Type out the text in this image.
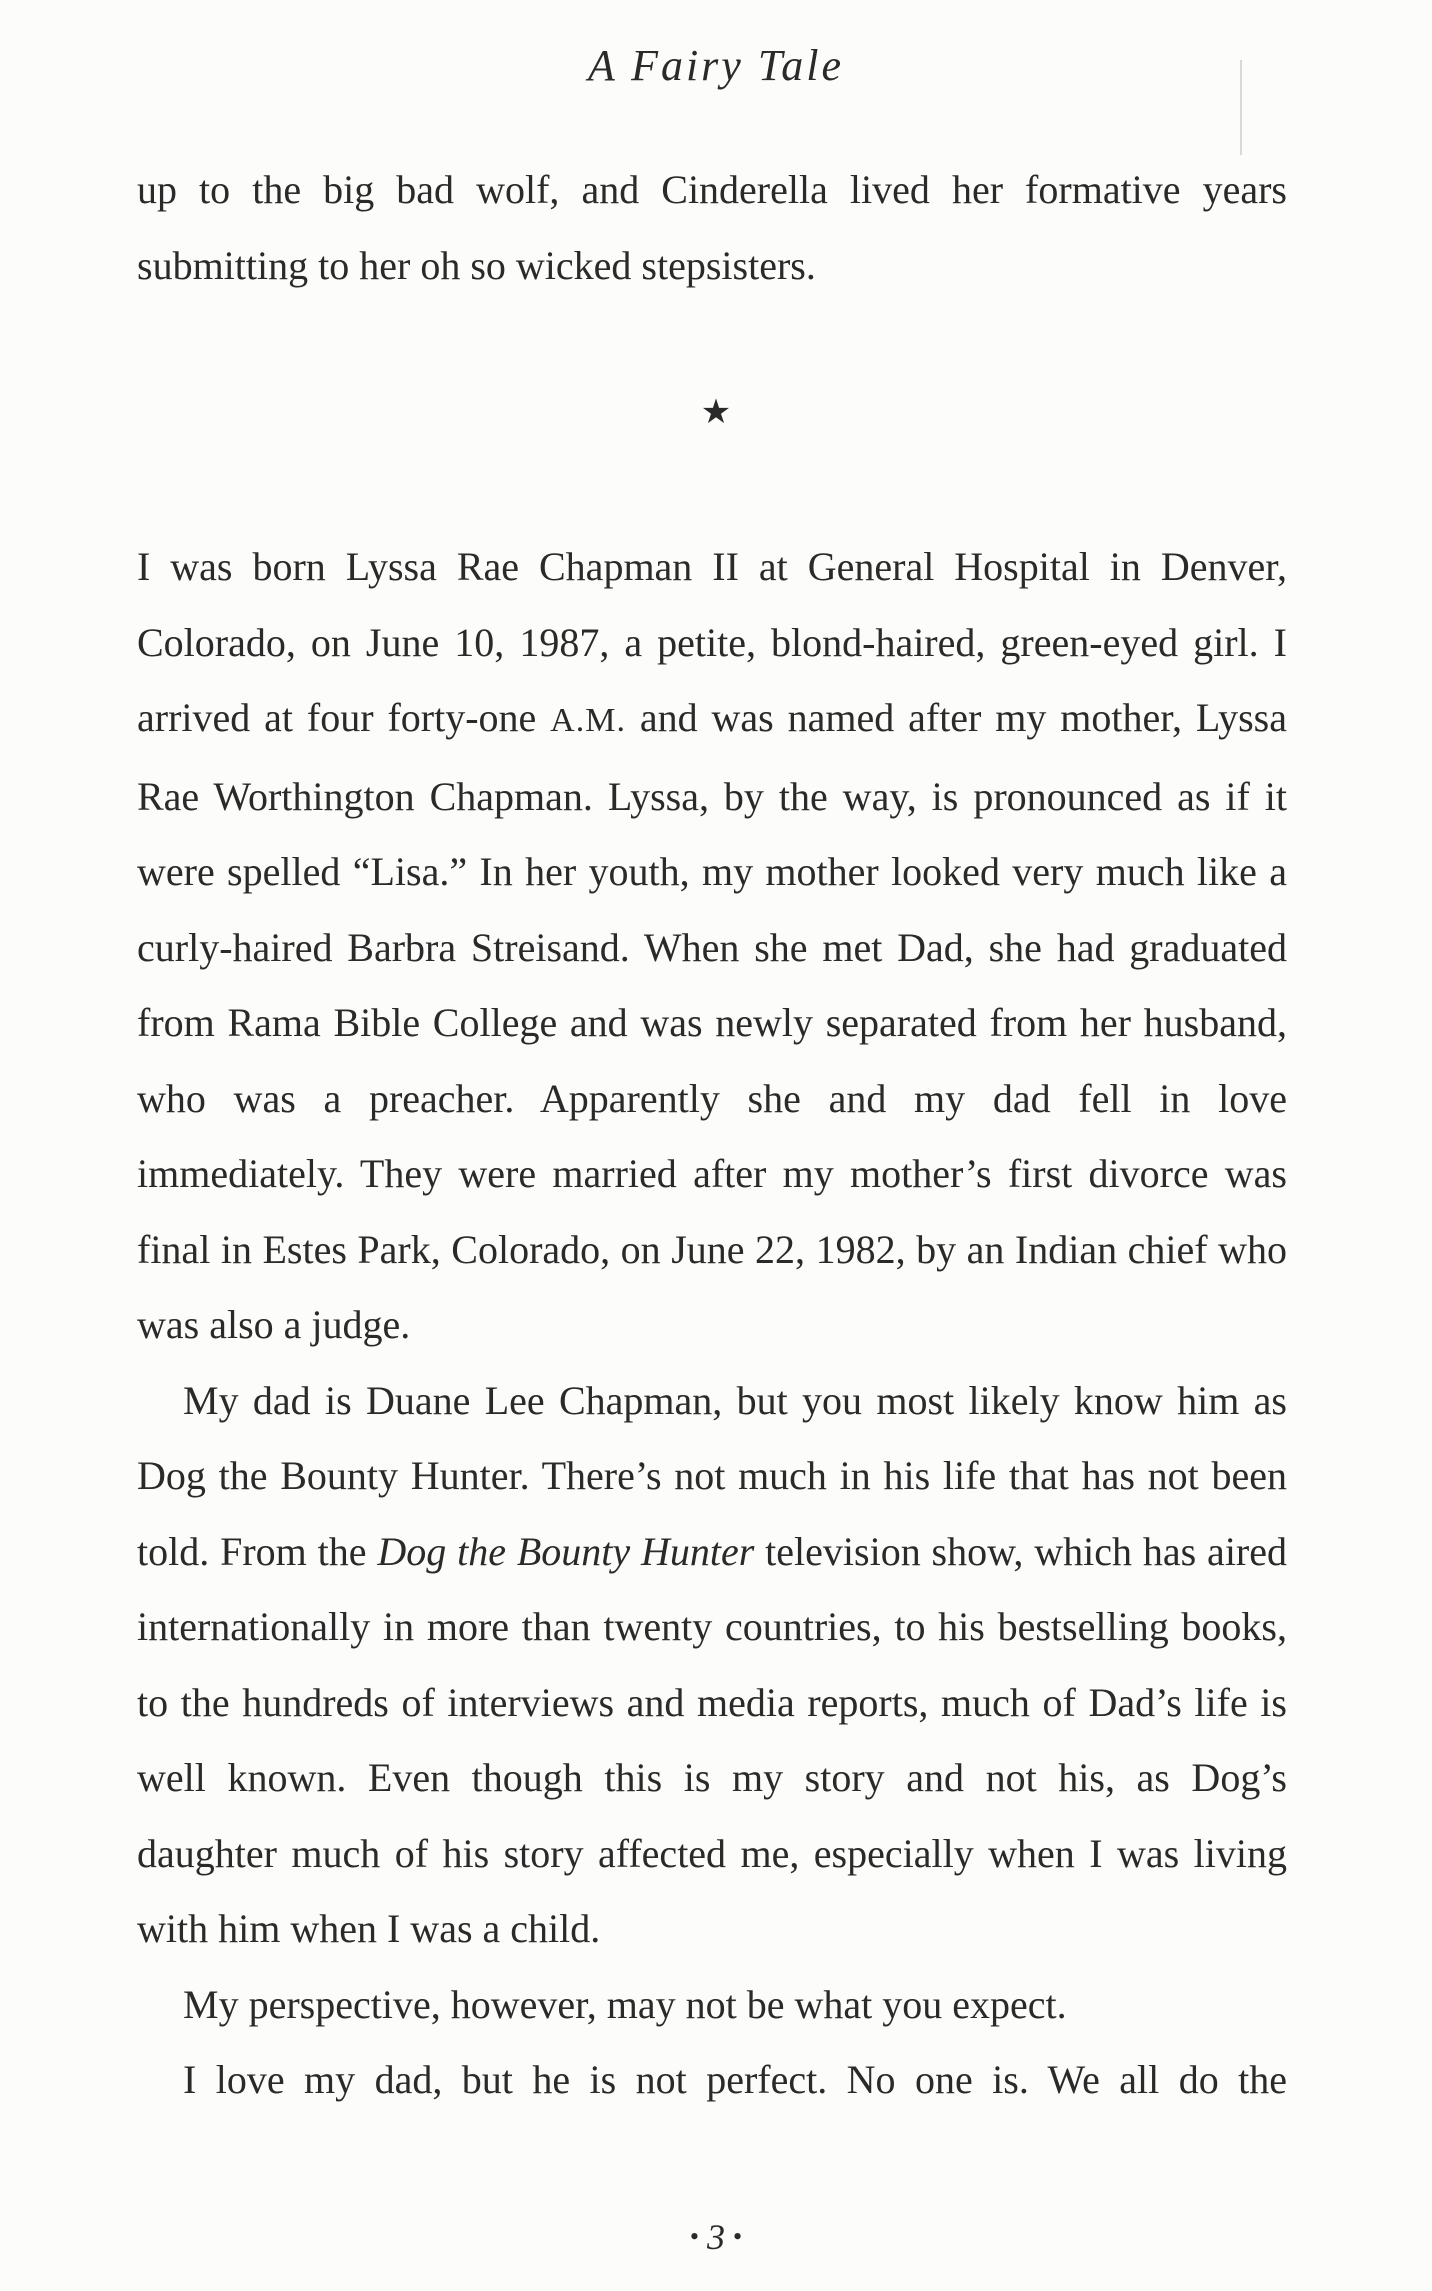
A Fairy Tale

up to the big bad wolf, and Cinderella lived her formative years submitting to her oh so wicked stepsisters.

★

I was born Lyssa Rae Chapman II at General Hospital in Denver, Colorado, on June 10, 1987, a petite, blond-haired, green-eyed girl. I arrived at four forty-one A.M. and was named after my mother, Lyssa Rae Worthington Chapman. Lyssa, by the way, is pronounced as if it were spelled “Lisa.” In her youth, my mother looked very much like a curly-haired Barbra Streisand. When she met Dad, she had graduated from Rama Bible College and was newly separated from her husband, who was a preacher. Apparently she and my dad fell in love immediately. They were married after my mother’s first divorce was final in Estes Park, Colorado, on June 22, 1982, by an Indian chief who was also a judge.

My dad is Duane Lee Chapman, but you most likely know him as Dog the Bounty Hunter. There’s not much in his life that has not been told. From the Dog the Bounty Hunter television show, which has aired internationally in more than twenty countries, to his bestselling books, to the hundreds of interviews and media reports, much of Dad’s life is well known. Even though this is my story and not his, as Dog’s daughter much of his story affected me, especially when I was living with him when I was a child.

My perspective, however, may not be what you expect.

I love my dad, but he is not perfect. No one is. We all do the

• 3 •
